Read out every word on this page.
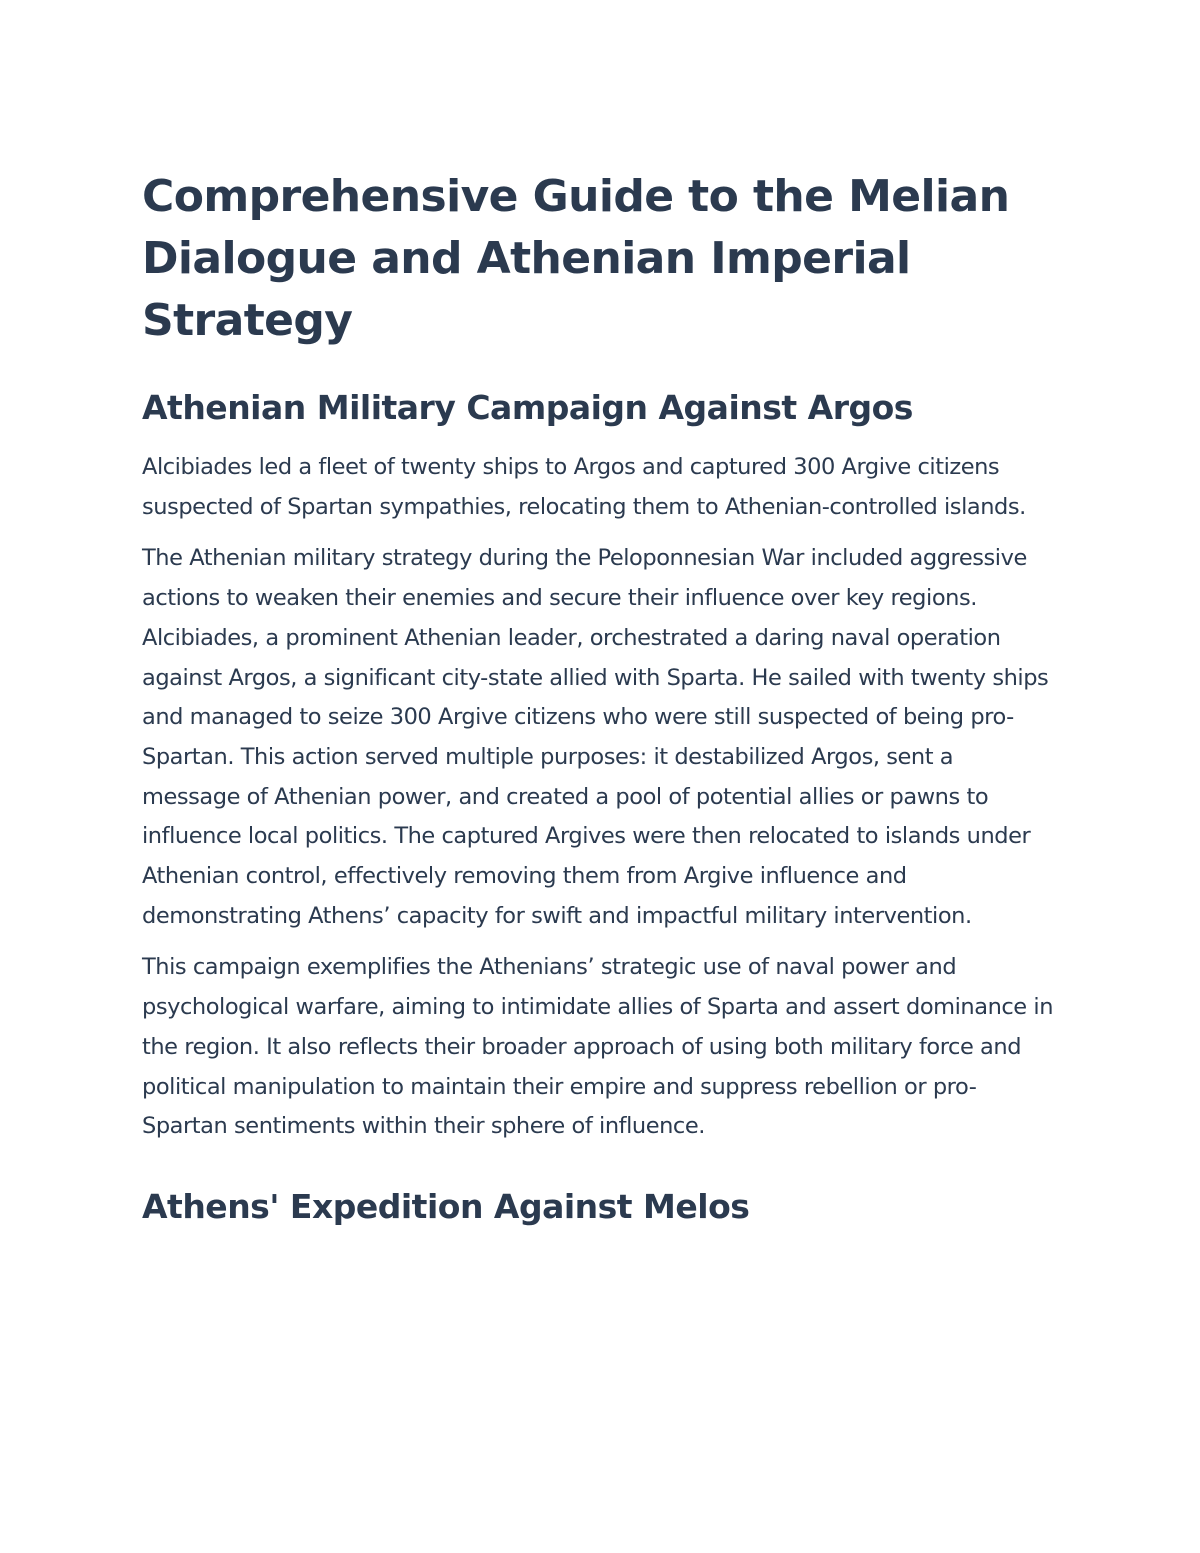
Comprehensive Guide to the Melian Dialogue and Athenian Imperial Strategy
Athenian Military Campaign Against Argos

Alcibiades led a fleet of twenty ships to Argos and captured 300 Argive citizens suspected of Spartan sympathies, relocating them to Athenian-controlled islands.

The Athenian military strategy during the Peloponnesian War included aggressive actions to weaken their enemies and secure their influence over key regions. Alcibiades, a prominent Athenian leader, orchestrated a daring naval operation against Argos, a significant city-state allied with Sparta. He sailed with twenty ships and managed to seize 300 Argive citizens who were still suspected of being pro-Spartan. This action served multiple purposes: it destabilized Argos, sent a message of Athenian power, and created a pool of potential allies or pawns to influence local politics. The captured Argives were then relocated to islands under Athenian control, effectively removing them from Argive influence and demonstrating Athens’ capacity for swift and impactful military intervention.

This campaign exemplifies the Athenians’ strategic use of naval power and psychological warfare, aiming to intimidate allies of Sparta and assert dominance in the region. It also reflects their broader approach of using both military force and political manipulation to maintain their empire and suppress rebellion or pro-Spartan sentiments within their sphere of influence.

Athens' Expedition Against Melos
